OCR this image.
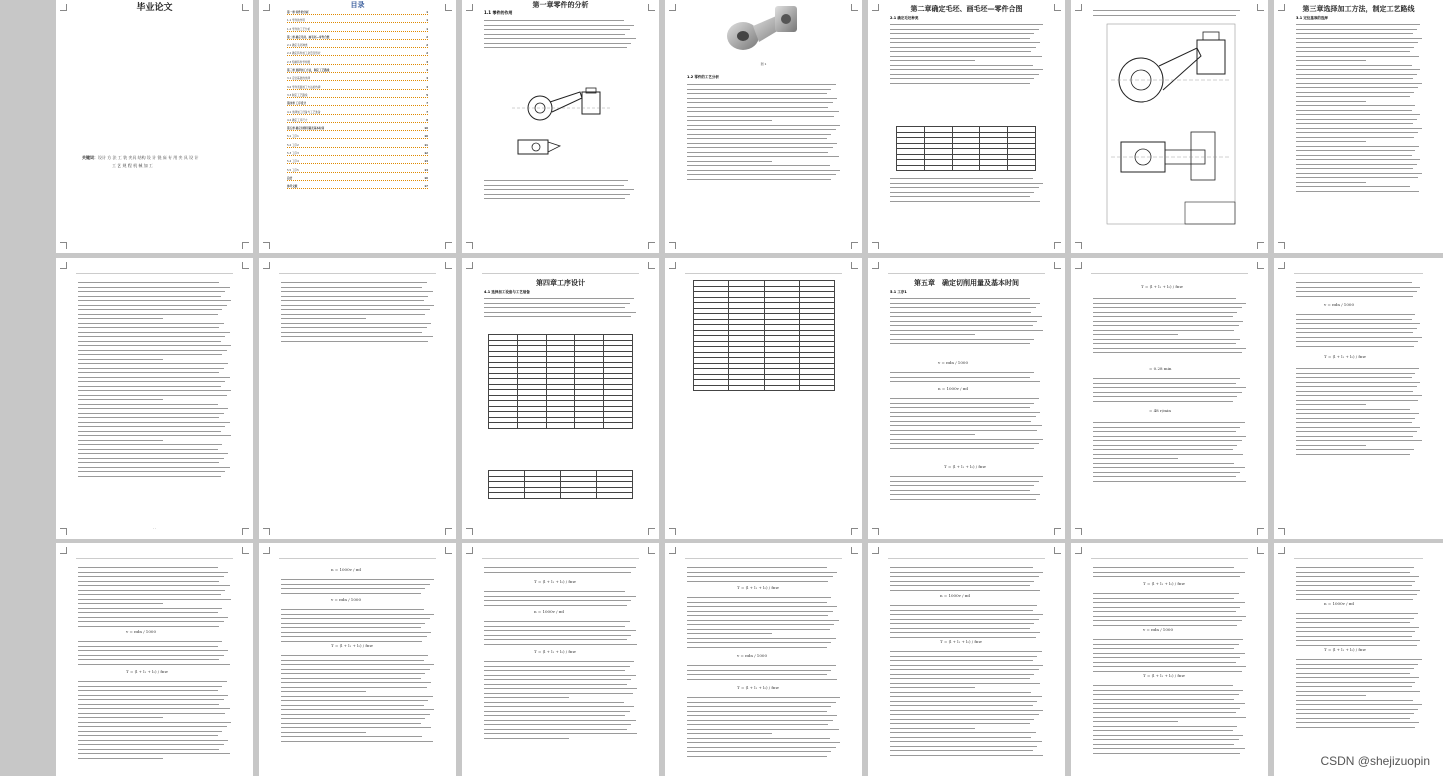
毕业论文
关键词：设计 方 法 工 装 夹具 结构 设 计 铣 床 专 用 夹 具 设 计
工 艺 规 程 机 械 加 工
目录
第一章 零件的分析	1
1.1 零件的作用	1
1.2 零件的工艺分析	1
第二章 确定毛坯、画毛坯—零件合图	2
2.1 确定毛坯种类	2
2.2 确定铸件加工余量及形状	2
2.3 绘制铸件零件图	3
第三章 选择加工方法，制定工艺路线	4
3.1 定位基准的选择	4
3.2 零件表面加工方法的选择	4
3.3 制定工艺路线	5
第四章 工序设计	7
4.1 选择加工设备与工艺装备	7
4.2 确定工序尺寸	8
第五章 确定切削用量及基本时间	10
5.1 工序1	10
5.2 工序2	11
5.3 工序3	12
5.4 工序4	13
5.5 工序5	14
总结	16
参考文献	17
第一章零件的分析
1.1 零件的作用
图 1
1.2 零件的工艺分析
第二章确定毛坯、画毛坯—零件合图
2.1 确定毛坯种类

第三章选择加工方法，制定工艺路线
3.1 定位基准的选择
- -
第四章工序设计
4.1 选择加工设备与工艺装备

第五章　确定切削用量及基本时间
5.1 工序1
v = πdn / 1000
n = 1000v / πd
T = (l + l₁ + l₂) / fnw
T = (l + l₁ + l₂) / fnw
= 0.28 min
= 48 r/min
v = πdn / 1000
T = (l + l₁ + l₂) / fnw
v = πdn / 1000
T = (l + l₁ + l₂) / fnw
n = 1000v / πd
v = πdn / 1000
T = (l + l₁ + l₂) / fnw
T = (l + l₁ + l₂) / fnw
n = 1000v / πd
T = (l + l₁ + l₂) / fnw
T = (l + l₁ + l₂) / fnw
v = πdn / 1000
T = (l + l₁ + l₂) / fnw
n = 1000v / πd
T = (l + l₁ + l₂) / fnw
T = (l + l₁ + l₂) / fnw
v = πdn / 1000
T = (l + l₁ + l₂) / fnw
n = 1000v / πd
T = (l + l₁ + l₂) / fnw
CSDN @shejizuopin
